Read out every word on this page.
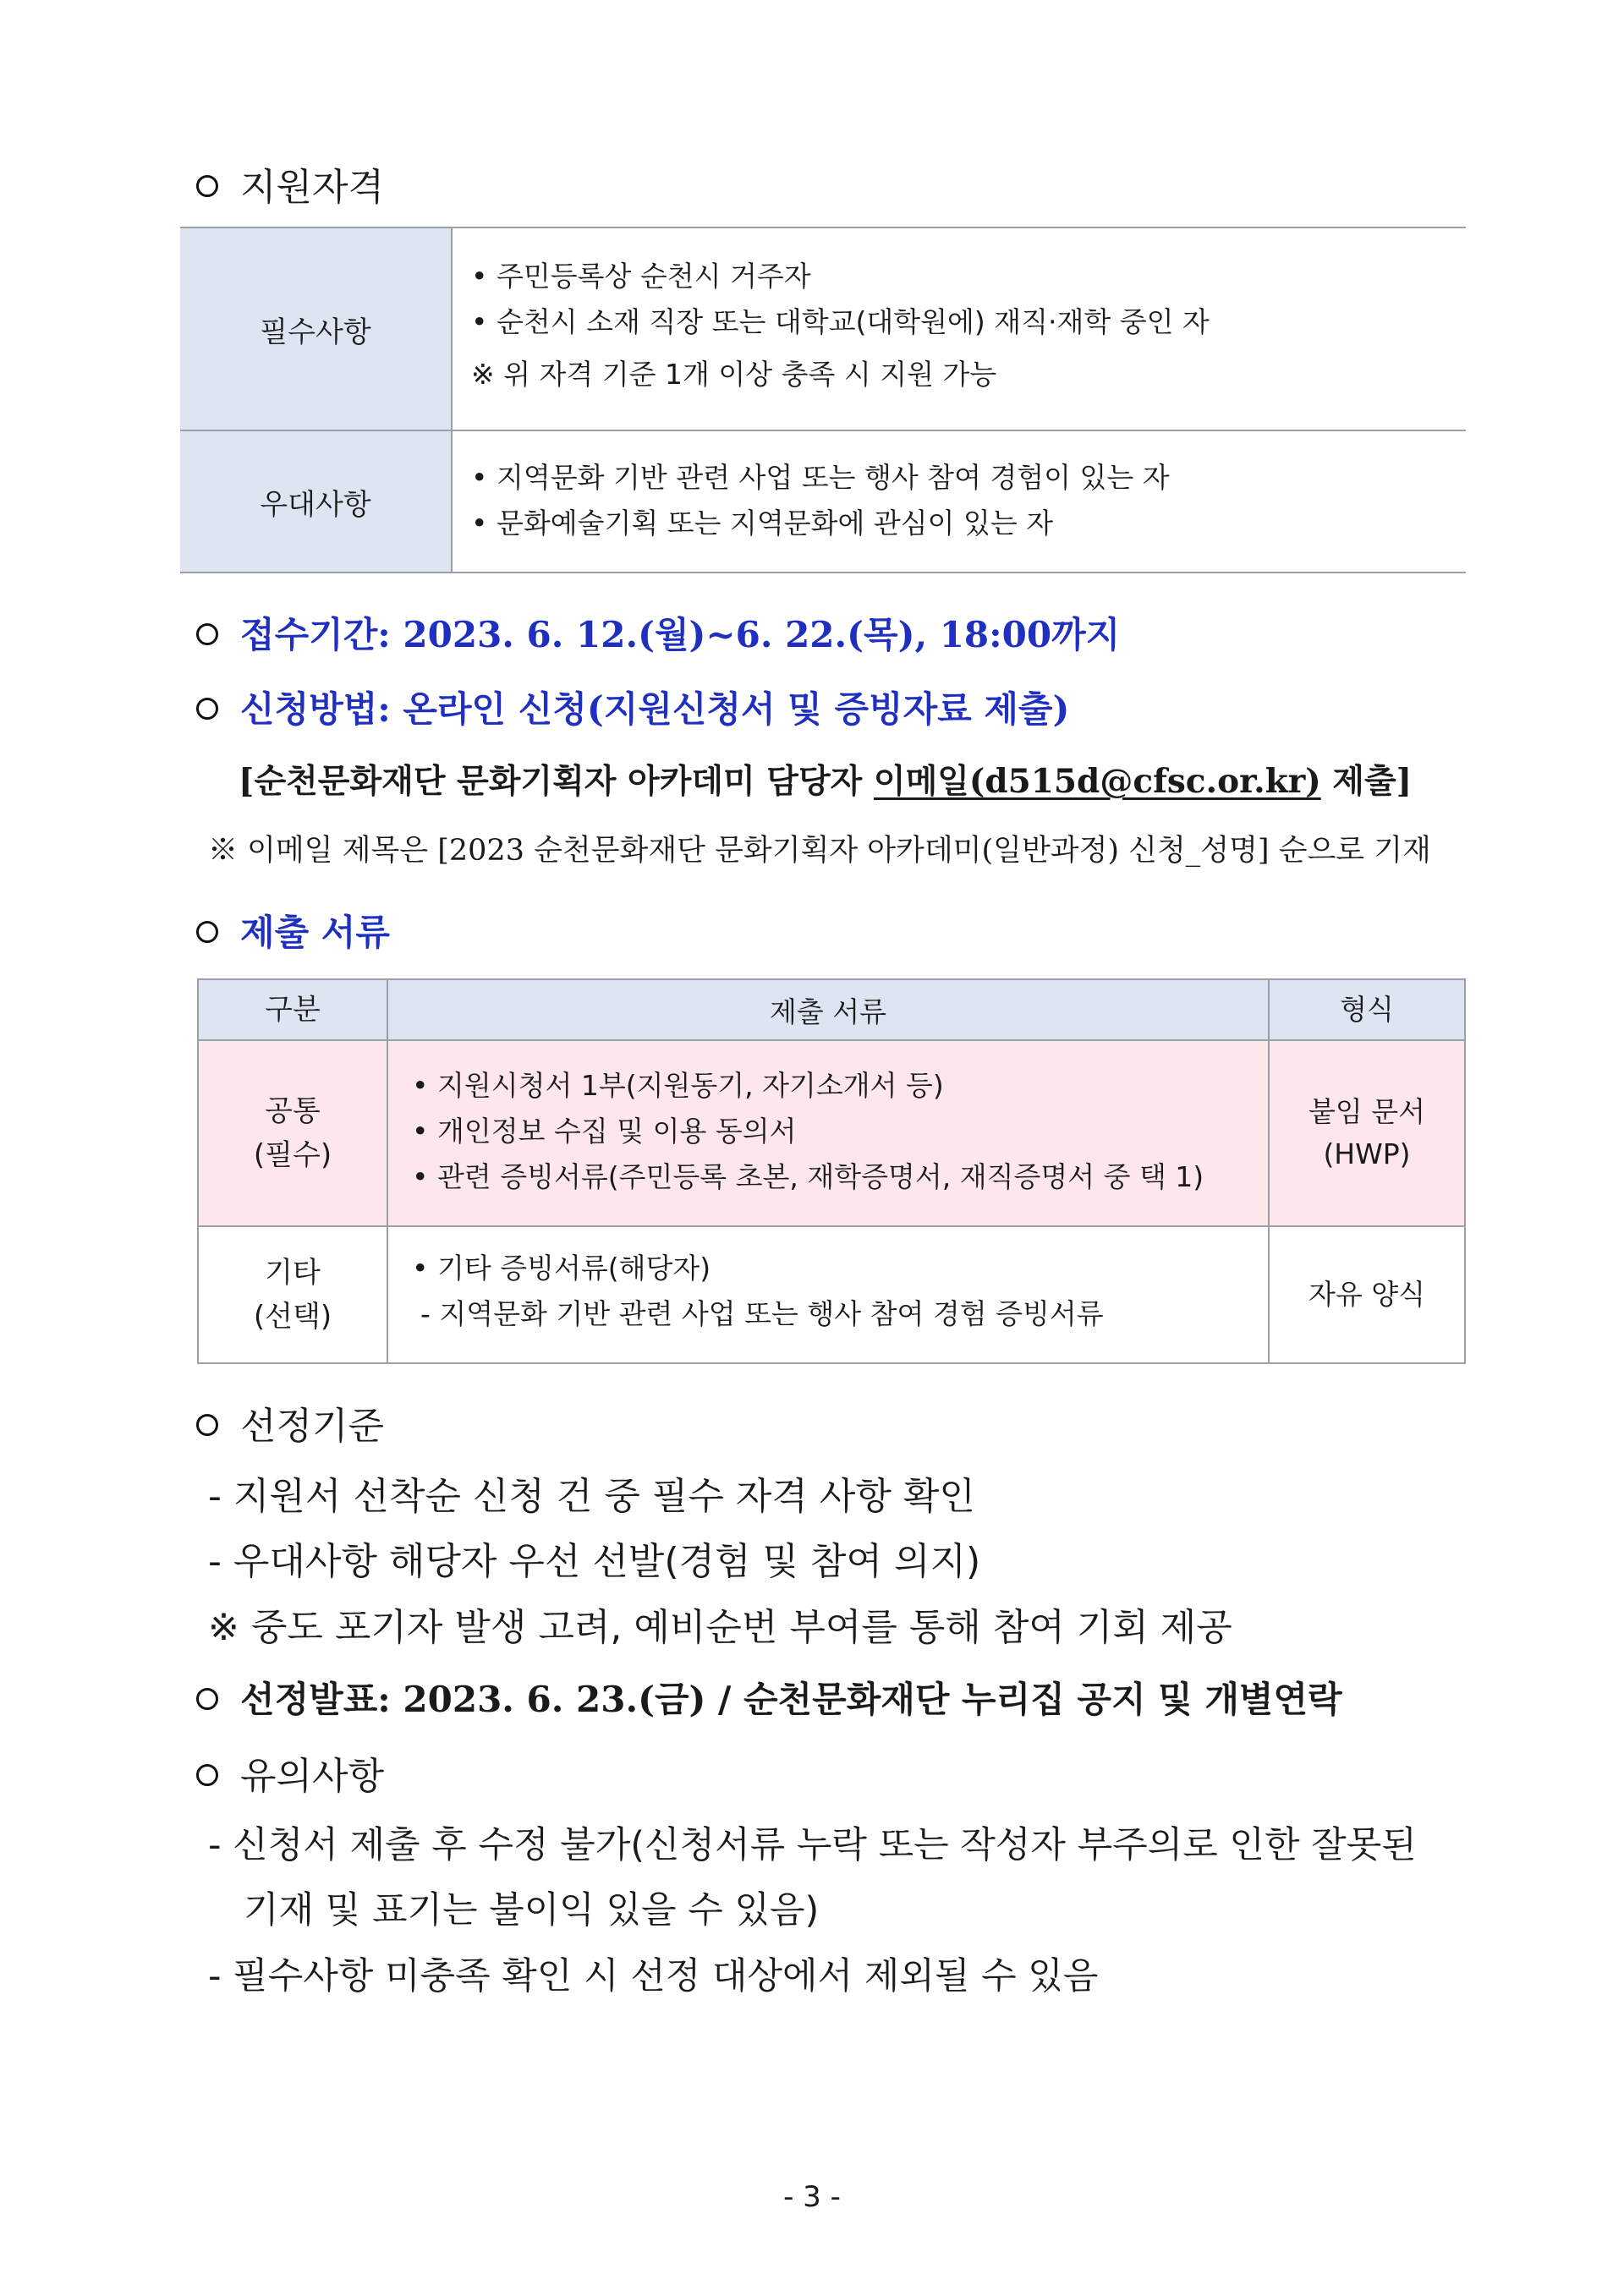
지원자격
필수사항
• 주민등록상 순천시 거주자
• 순천시 소재 직장 또는 대학교(대학원에) 재직·재학 중인 자
※ 위 자격 기준 1개 이상 충족 시 지원 가능
우대사항
• 지역문화 기반 관련 사업 또는 행사 참여 경험이 있는 자
• 문화예술기획 또는 지역문화에 관심이 있는 자
접수기간: 2023. 6. 12.(월)~6. 22.(목), 18:00까지
신청방법: 온라인 신청(지원신청서 및 증빙자료 제출)
[순천문화재단 문화기획자 아카데미 담당자 이메일(d515d@cfsc.or.kr) 제출]
※ 이메일 제목은 [2023 순천문화재단 문화기획자 아카데미(일반과정) 신청_성명] 순으로 기재
제출 서류
구분	제출 서류	형식
공통
(필수)
• 지원시청서 1부(지원동기, 자기소개서 등)
• 개인정보 수집 및 이용 동의서
• 관련 증빙서류(주민등록 초본, 재학증명서, 재직증명서 중 택 1)
붙임 문서
(HWP)
기타
(선택)
• 기타 증빙서류(해당자)
- 지역문화 기반 관련 사업 또는 행사 참여 경험 증빙서류
자유 양식
선정기준
- 지원서 선착순 신청 건 중 필수 자격 사항 확인
- 우대사항 해당자 우선 선발(경험 및 참여 의지)
※ 중도 포기자 발생 고려, 예비순번 부여를 통해 참여 기회 제공
선정발표: 2023. 6. 23.(금) / 순천문화재단 누리집 공지 및 개별연락
유의사항
- 신청서 제출 후 수정 불가(신청서류 누락 또는 작성자 부주의로 인한 잘못된
기재 및 표기는 불이익 있을 수 있음)
- 필수사항 미충족 확인 시 선정 대상에서 제외될 수 있음
- 3 -
